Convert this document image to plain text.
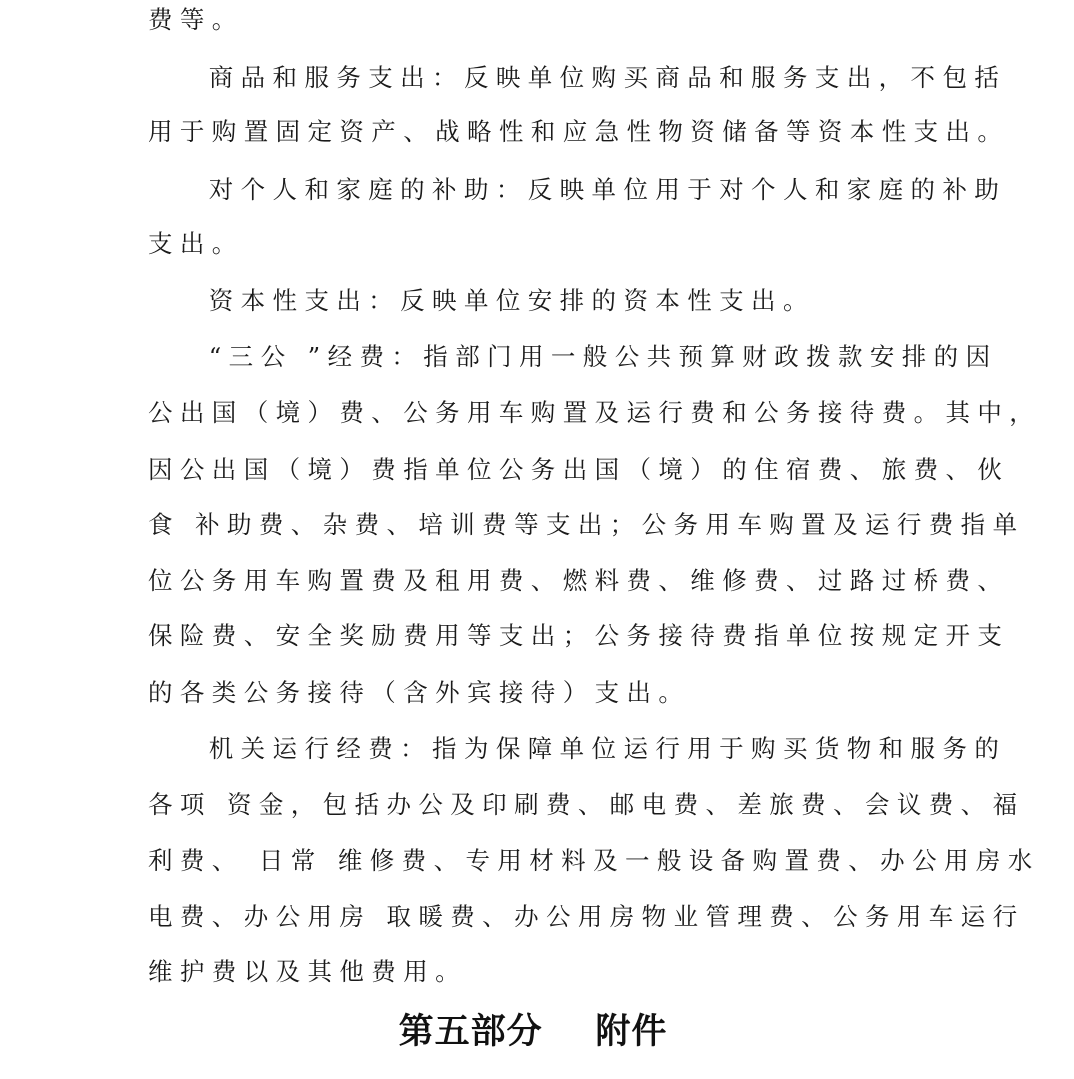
费等。
商品和服务支出：反映单位购买商品和服务支出，不包括
用于购置固定资产、战略性和应急性物资储备等资本性支出。
对个人和家庭的补助：反映单位用于对个人和家庭的补助
支出。
资本性支出：反映单位安排的资本性支出。
“三公 ”经费：指部门用一般公共预算财政拨款安排的因
公出国（境）费、公务用车购置及运行费和公务接待费。其中，
因公出国（境）费指单位公务出国（境）的住宿费、旅费、伙
食 补助费、杂费、培训费等支出；公务用车购置及运行费指单
位公务用车购置费及租用费、燃料费、维修费、过路过桥费、
保险费、安全奖励费用等支出；公务接待费指单位按规定开支
的各类公务接待（含外宾接待）支出。
机关运行经费：指为保障单位运行用于购买货物和服务的
各项 资金，包括办公及印刷费、邮电费、差旅费、会议费、福
利费、 日常 维修费、专用材料及一般设备购置费、办公用房水
电费、办公用房 取暖费、办公用房物业管理费、公务用车运行
维护费以及其他费用。
第五部分    附件
